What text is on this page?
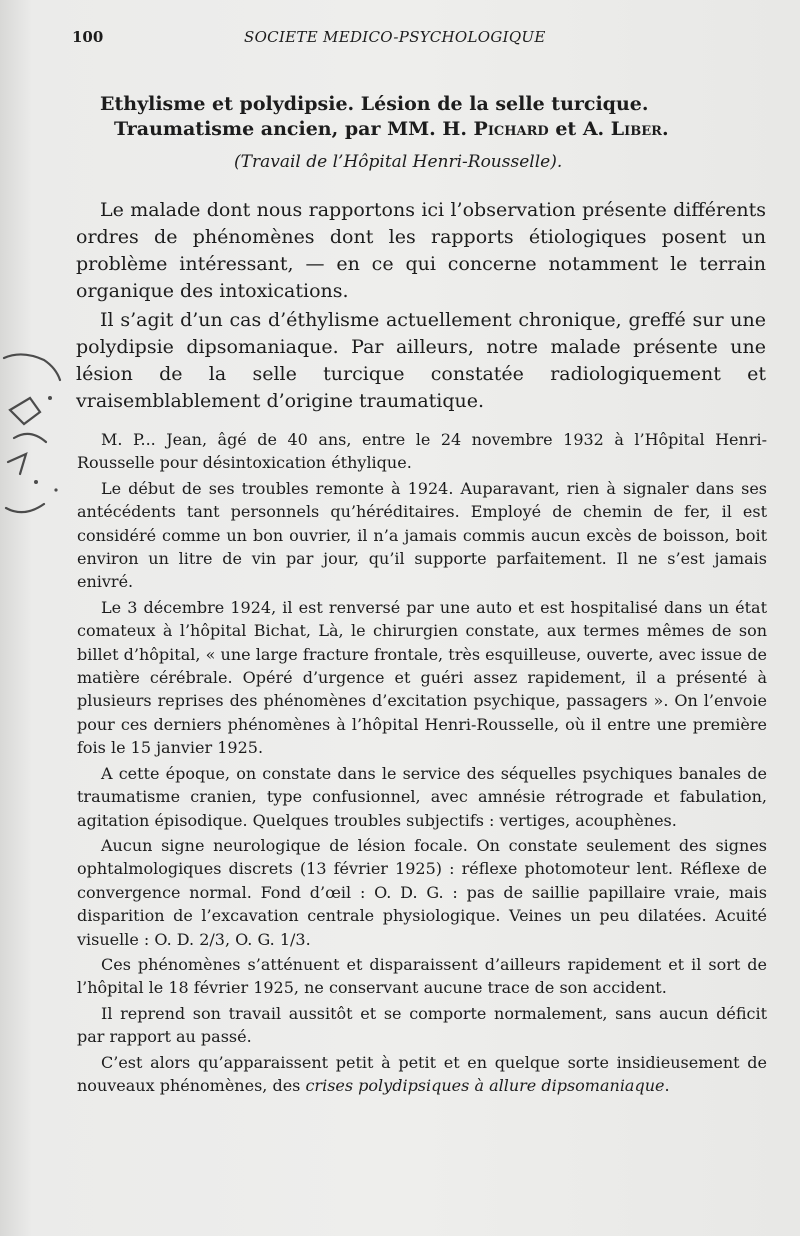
100	SOCIETE MEDICO-PSYCHOLOGIQUE
Ethylisme et polydipsie. Lésion de la selle turcique.
Traumatisme ancien, par MM. H. Pichard et A. Liber.
(Travail de l’Hôpital Henri-Rousselle).

Le malade dont nous rapportons ici l’observation présente différents ordres de phénomènes dont les rapports étiologiques posent un problème intéressant, — en ce qui concerne notamment le terrain organique des intoxications.

Il s’agit d’un cas d’éthylisme actuellement chronique, greffé sur une polydipsie dipsomaniaque. Par ailleurs, notre malade présente une lésion de la selle turcique constatée radiologiquement et vraisemblablement d’origine traumatique.

M. P... Jean, âgé de 40 ans, entre le 24 novembre 1932 à l’Hôpital Henri-Rousselle pour désintoxication éthylique.

Le début de ses troubles remonte à 1924. Auparavant, rien à signaler dans ses antécédents tant personnels qu’héréditaires. Employé de chemin de fer, il est considéré comme un bon ouvrier, il n’a jamais commis aucun excès de boisson, boit environ un litre de vin par jour, qu’il supporte parfaitement. Il ne s’est jamais enivré.

Le 3 décembre 1924, il est renversé par une auto et est hospitalisé dans un état comateux à l’hôpital Bichat, Là, le chirurgien constate, aux termes mêmes de son billet d’hôpital, « une large fracture frontale, très esquilleuse, ouverte, avec issue de matière cérébrale. Opéré d’urgence et guéri assez rapidement, il a présenté à plusieurs reprises des phénomènes d’excitation psychique, passagers ». On l’envoie pour ces derniers phénomènes à l’hôpital Henri-Rousselle, où il entre une première fois le 15 janvier 1925.

A cette époque, on constate dans le service des séquelles psychiques banales de traumatisme cranien, type confusionnel, avec amnésie rétrograde et fabulation, agitation épisodique. Quelques troubles subjectifs : vertiges, acouphènes.

Aucun signe neurologique de lésion focale. On constate seulement des signes ophtalmologiques discrets (13 février 1925) : réflexe photomoteur lent. Réflexe de convergence normal. Fond d’œil : O. D. G. : pas de saillie papillaire vraie, mais disparition de l’excavation centrale physiologique. Veines un peu dilatées. Acuité visuelle : O. D. 2/3, O. G. 1/3.

Ces phénomènes s’atténuent et disparaissent d’ailleurs rapidement et il sort de l’hôpital le 18 février 1925, ne conservant aucune trace de son accident.

Il reprend son travail aussitôt et se comporte normalement, sans aucun déficit par rapport au passé.

C’est alors qu’apparaissent petit à petit et en quelque sorte insidieusement de nouveaux phénomènes, des crises polydipsiques à allure dipsomaniaque.
